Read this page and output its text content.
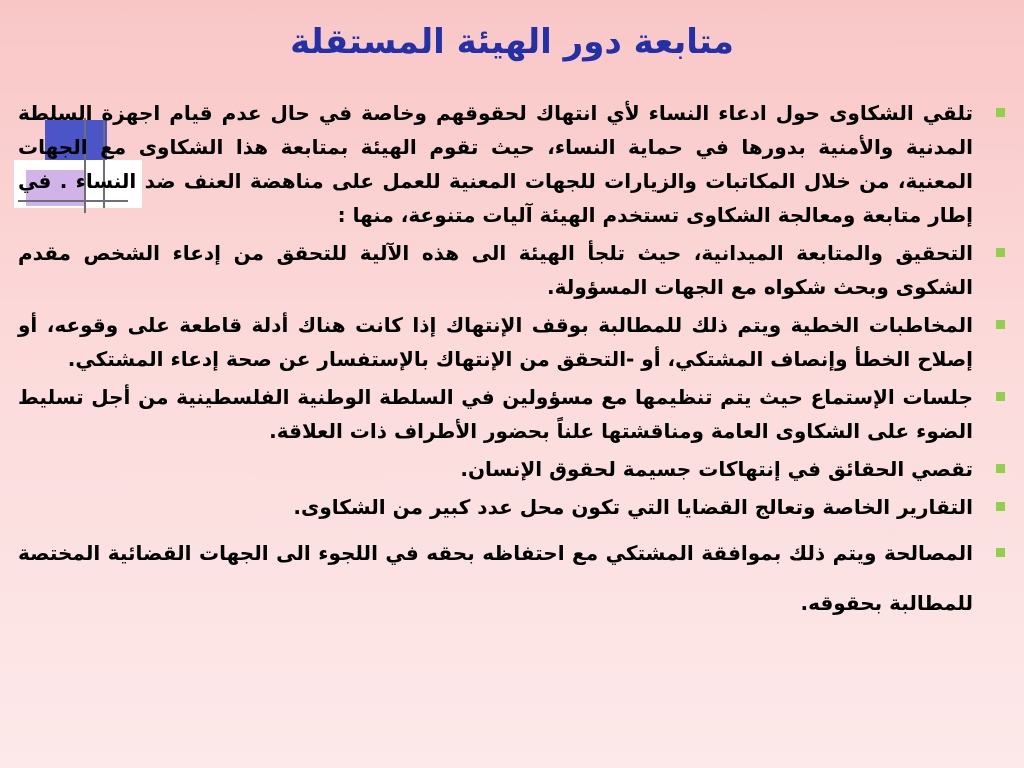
متابعة دور الهيئة المستقلة
تلقي الشكاوى حول ادعاء النساء لأي انتهاك لحقوقهم وخاصة في حال عدم قيام اجهزة السلطة المدنية والأمنية بدورها في حماية النساء، حيث تقوم الهيئة بمتابعة هذا الشكاوى مع الجهات المعنية، من خلال المكاتبات والزيارات للجهات المعنية للعمل على مناهضة العنف ضد النساء . في إطار متابعة ومعالجة الشكاوى تستخدم الهيئة آليات متنوعة، منها :
التحقيق والمتابعة الميدانية، حيث تلجأ الهيئة الى هذه الآلية للتحقق من إدعاء الشخص مقدم الشكوى وبحث شكواه مع الجهات المسؤولة.
المخاطبات الخطية ويتم ذلك للمطالبة بوقف الإنتهاك إذا كانت هناك أدلة قاطعة على وقوعه، أو إصلاح الخطأ وإنصاف المشتكي، أو -التحقق من الإنتهاك بالإستفسار عن صحة إدعاء المشتكي.
جلسات الإستماع حيث يتم تنظيمها مع مسؤولين في السلطة الوطنية الفلسطينية من أجل تسليط الضوء على الشكاوى العامة ومناقشتها علناً بحضور الأطراف ذات العلاقة.
تقصي الحقائق في إنتهاكات جسيمة لحقوق الإنسان.
التقارير الخاصة وتعالج القضايا التي تكون محل عدد كبير من الشكاوى.
المصالحة ويتم ذلك بموافقة المشتكي مع احتفاظه بحقه في اللجوء الى الجهات القضائية المختصة للمطالبة بحقوقه.
